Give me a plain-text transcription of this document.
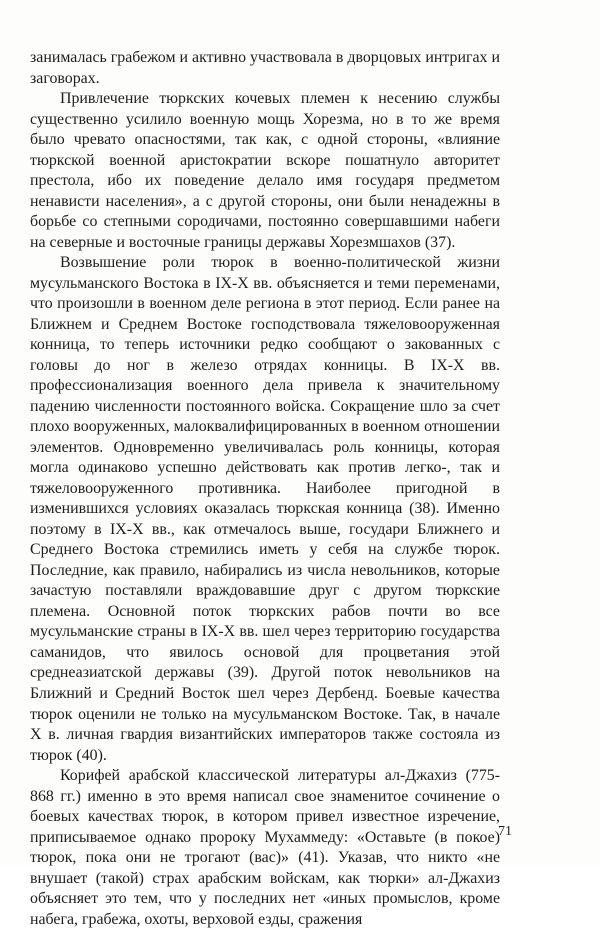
занималась грабежом и активно участвовала в дворцовых интригах и заговорах.

Привлечение тюркских кочевых племен к несению службы существенно усилило военную мощь Хорезма, но в то же время было чревато опасностями, так как, с одной стороны, «влияние тюркской военной аристократии вскоре пошатнуло авторитет престола, ибо их поведение делало имя государя предметом ненависти населения», а с другой стороны, они были ненадежны в борьбе со степными сородичами, постоянно совершавшими набеги на северные и восточные границы державы Хорезмшахов (37).

Возвышение роли тюрок в военно-политической жизни мусульманского Востока в IX-X вв. объясняется и теми переменами, что произошли в военном деле региона в этот период. Если ранее на Ближнем и Среднем Востоке господствовала тяжеловооруженная конница, то теперь источники редко сообщают о закованных с головы до ног в железо отрядах конницы. В IX-X вв. профессионализация военного дела привела к значительному падению численности постоянного войска. Сокращение шло за счет плохо вооруженных, малоквалифицированных в военном отношении элементов. Одновременно увеличивалась роль конницы, которая могла одинаково успешно действовать как против легко-, так и тяжеловооруженного противника. Наиболее пригодной в изменившихся условиях оказалась тюркская конница (38). Именно поэтому в IX-X вв., как отмечалось выше, государи Ближнего и Среднего Востока стремились иметь у себя на службе тюрок. Последние, как правило, набирались из числа невольников, которые зачастую поставляли враждовавшие друг с другом тюркские племена. Основной поток тюркских рабов почти во все мусульманские страны в IX-X вв. шел через территорию государства саманидов, что явилось основой для процветания этой среднеазиатской державы (39). Другой поток невольников на Ближний и Средний Восток шел через Дербенд. Боевые качества тюрок оценили не только на мусульманском Востоке. Так, в начале X в. личная гвардия византийских императоров также состояла из тюрок (40).

Корифей арабской классической литературы ал-Джахиз (775-868 гг.) именно в это время написал свое знаменитое сочинение о боевых качествах тюрок, в котором привел известное изречение, приписываемое однако пророку Мухаммеду: «Оставьте (в покое) тюрок, пока они не трогают (вас)» (41). Указав, что никто «не внушает (такой) страх арабским войскам, как тюрки» ал-Джахиз объясняет это тем, что у последних нет «иных промыслов, кроме набега, грабежа, охоты, верховой езды, сражения

71
